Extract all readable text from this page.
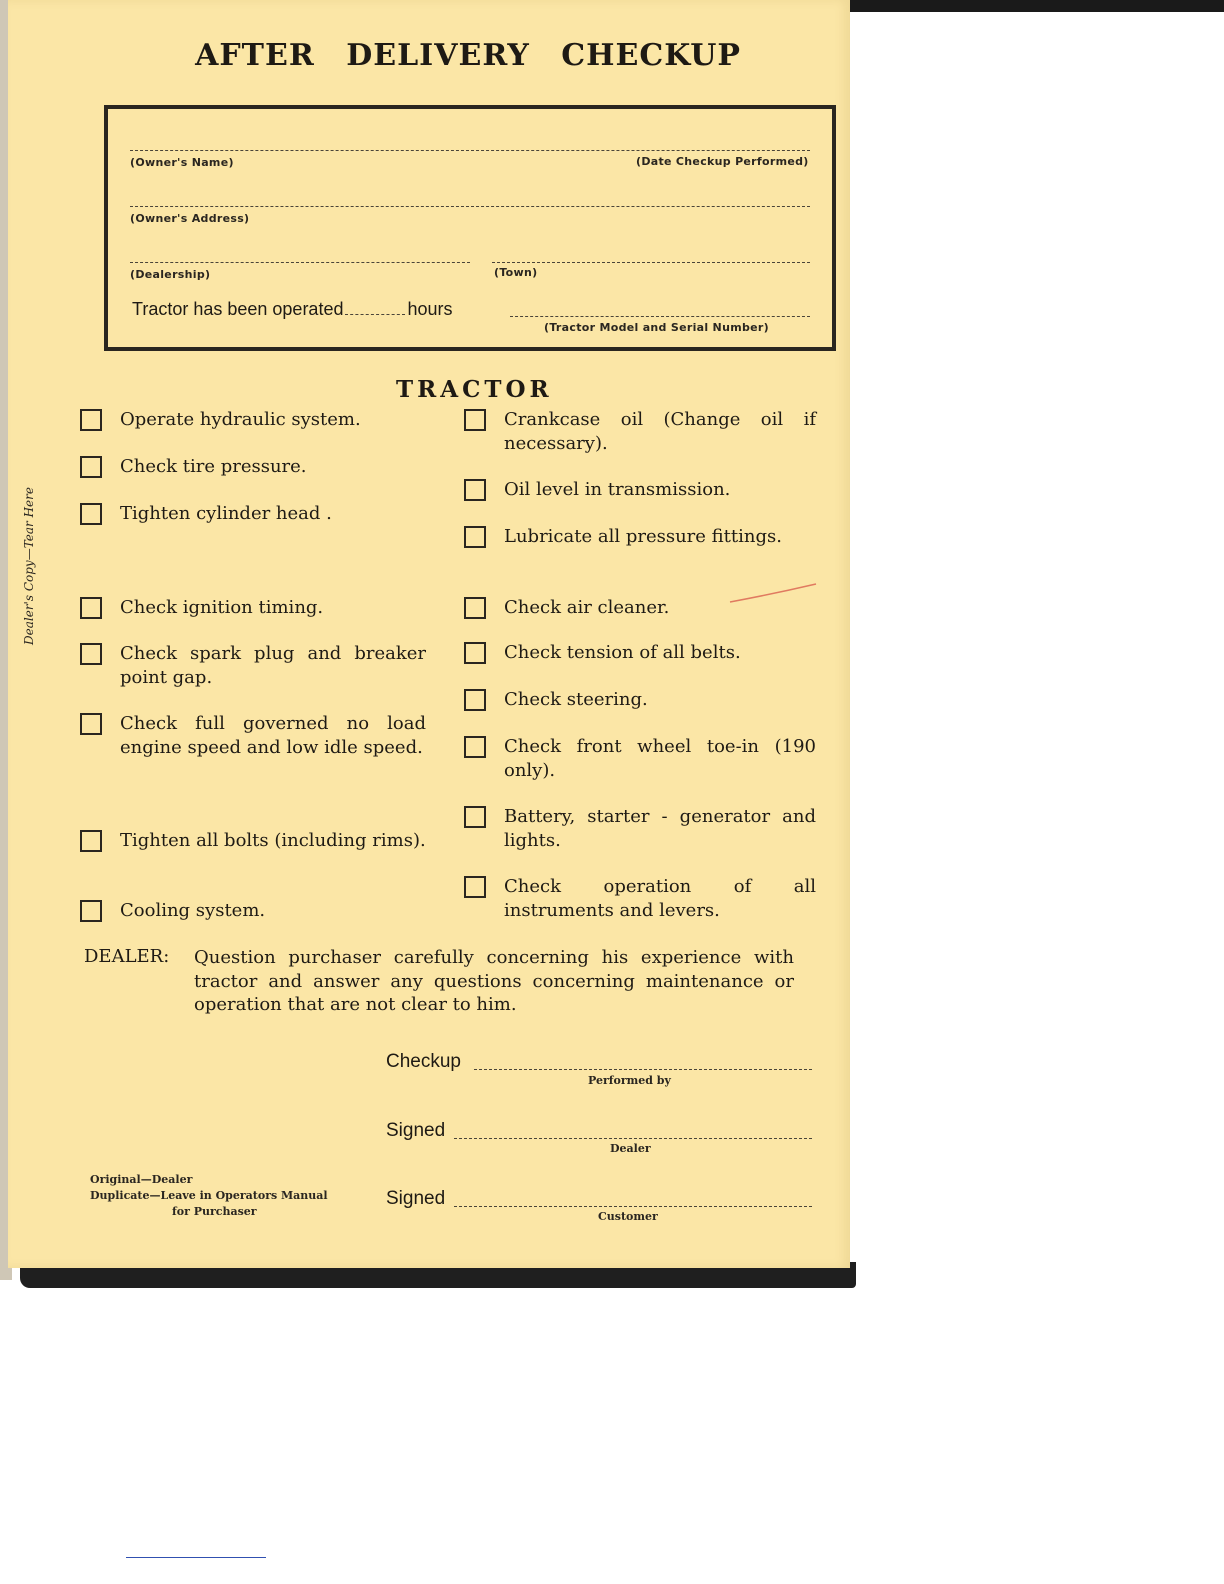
AFTER DELIVERY CHECKUP
(Owner's Name)	(Date Checkup Performed)
(Owner's Address)
(Dealership)	(Town)
Tractor has been operated	hours
(Tractor Model and Serial Number)
TRACTOR
Operate hydraulic system.
Check tire pressure.
Tighten cylinder head .
Check ignition timing.
Check spark plug and breaker point gap.
Check full governed no load engine speed and low idle speed.
Tighten all bolts (including rims).
Cooling system.
Crankcase oil (Change oil if necessary).
Oil level in transmission.
Lubricate all pressure fittings.
Check air cleaner.
Check tension of all belts.
Check steering.
Check front wheel toe-in (190 only).
Battery, starter - generator and lights.
Check operation of all instruments and levers.
DEALER: Question purchaser carefully concerning his experience with tractor and answer any questions concerning maintenance or operation that are not clear to him.
Checkup
Performed by
Signed
Dealer
Signed
Customer
Original—Dealer
Duplicate—Leave in Operators Manual
for Purchaser
Dealer's Copy—Tear Here
